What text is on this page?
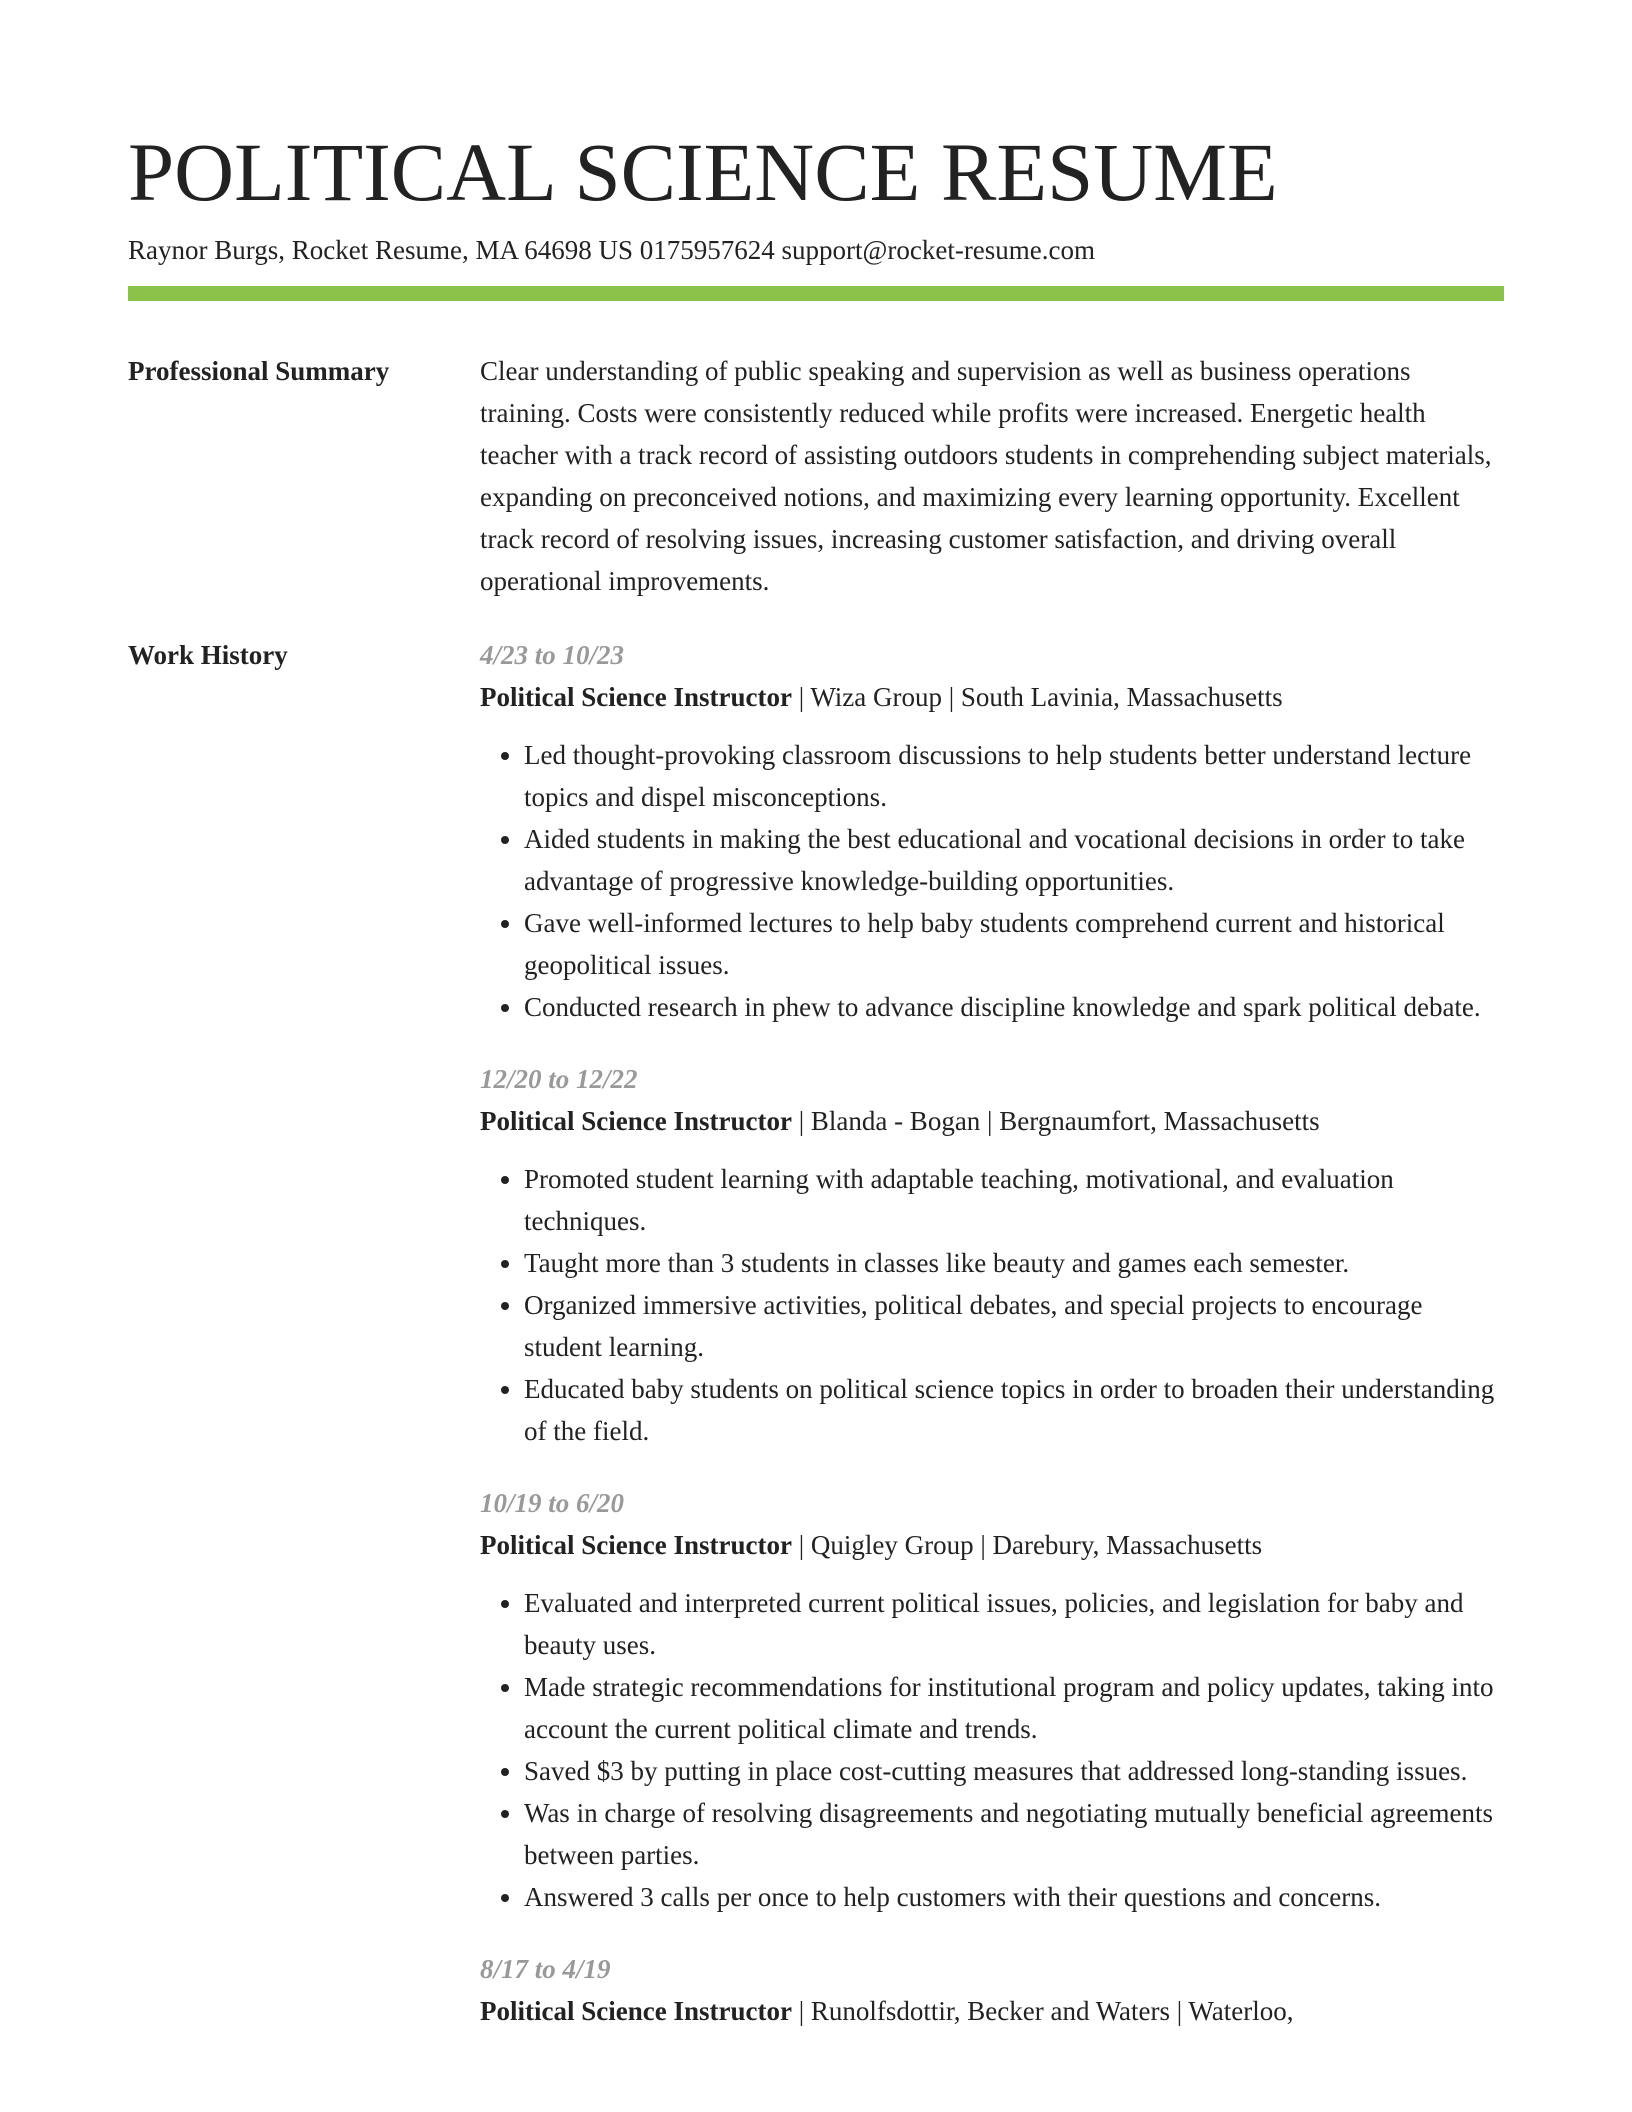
POLITICAL SCIENCE RESUME
Raynor Burgs, Rocket Resume, MA 64698 US 0175957624 support@rocket-resume.com
Professional Summary	Clear understanding of public speaking and supervision as well as business operations training. Costs were consistently reduced while profits were increased. Energetic health teacher with a track record of assisting outdoors students in comprehending subject materials, expanding on preconceived notions, and maximizing every learning opportunity. Excellent track record of resolving issues, increasing customer satisfaction, and driving overall operational improvements.

Work History	4/23 to 10/23
Political Science Instructor | Wiza Group | South Lavinia, Massachusetts
• Led thought-provoking classroom discussions to help students better understand lecture topics and dispel misconceptions.
• Aided students in making the best educational and vocational decisions in order to take advantage of progressive knowledge-building opportunities.
• Gave well-informed lectures to help baby students comprehend current and historical geopolitical issues.
• Conducted research in phew to advance discipline knowledge and spark political debate.
12/20 to 12/22
Political Science Instructor | Blanda - Bogan | Bergnaumfort, Massachusetts
• Promoted student learning with adaptable teaching, motivational, and evaluation techniques.
• Taught more than 3 students in classes like beauty and games each semester.
• Organized immersive activities, political debates, and special projects to encourage student learning.
• Educated baby students on political science topics in order to broaden their understanding of the field.
10/19 to 6/20
Political Science Instructor | Quigley Group | Darebury, Massachusetts
• Evaluated and interpreted current political issues, policies, and legislation for baby and beauty uses.
• Made strategic recommendations for institutional program and policy updates, taking into account the current political climate and trends.
• Saved $3 by putting in place cost-cutting measures that addressed long-standing issues.
• Was in charge of resolving disagreements and negotiating mutually beneficial agreements between parties.
• Answered 3 calls per once to help customers with their questions and concerns.
8/17 to 4/19
Political Science Instructor | Runolfsdottir, Becker and Waters | Waterloo,
